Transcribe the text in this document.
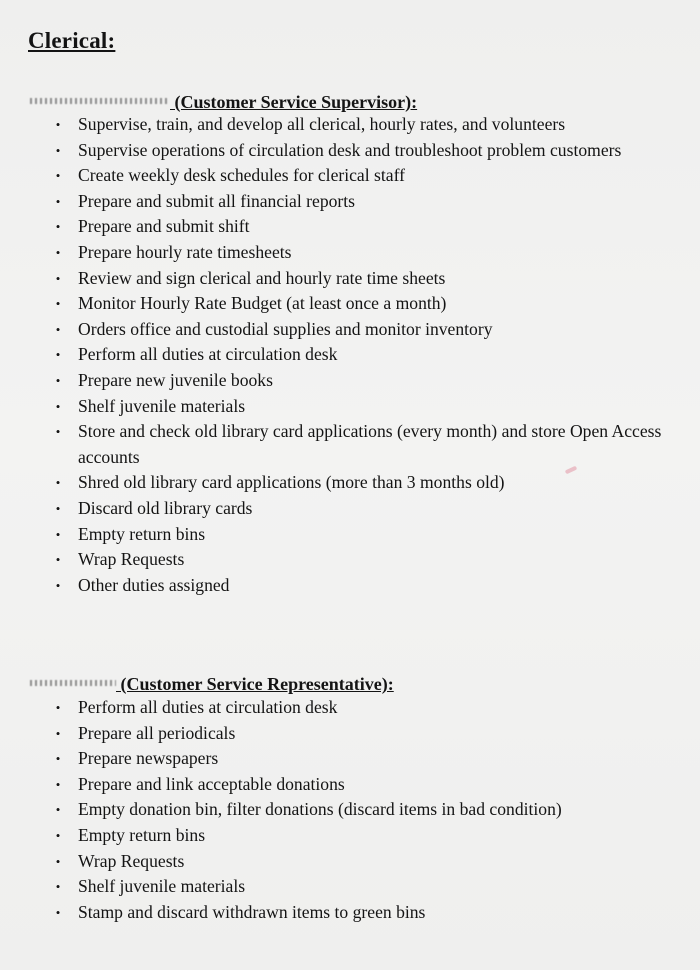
Clerical:
(Customer Service Supervisor):
• Supervise, train, and develop all clerical, hourly rates, and volunteers
• Supervise operations of circulation desk and troubleshoot problem customers
• Create weekly desk schedules for clerical staff
• Prepare and submit all financial reports
• Prepare and submit shift
• Prepare hourly rate timesheets
• Review and sign clerical and hourly rate time sheets
• Monitor Hourly Rate Budget (at least once a month)
• Orders office and custodial supplies and monitor inventory
• Perform all duties at circulation desk
• Prepare new juvenile books
• Shelf juvenile materials
• Store and check old library card applications (every month) and store Open Access accounts
• Shred old library card applications (more than 3 months old)
• Discard old library cards
• Empty return bins
• Wrap Requests
• Other duties assigned
(Customer Service Representative):
• Perform all duties at circulation desk
• Prepare all periodicals
• Prepare newspapers
• Prepare and link acceptable donations
• Empty donation bin, filter donations (discard items in bad condition)
• Empty return bins
• Wrap Requests
• Shelf juvenile materials
• Stamp and discard withdrawn items to green bins
